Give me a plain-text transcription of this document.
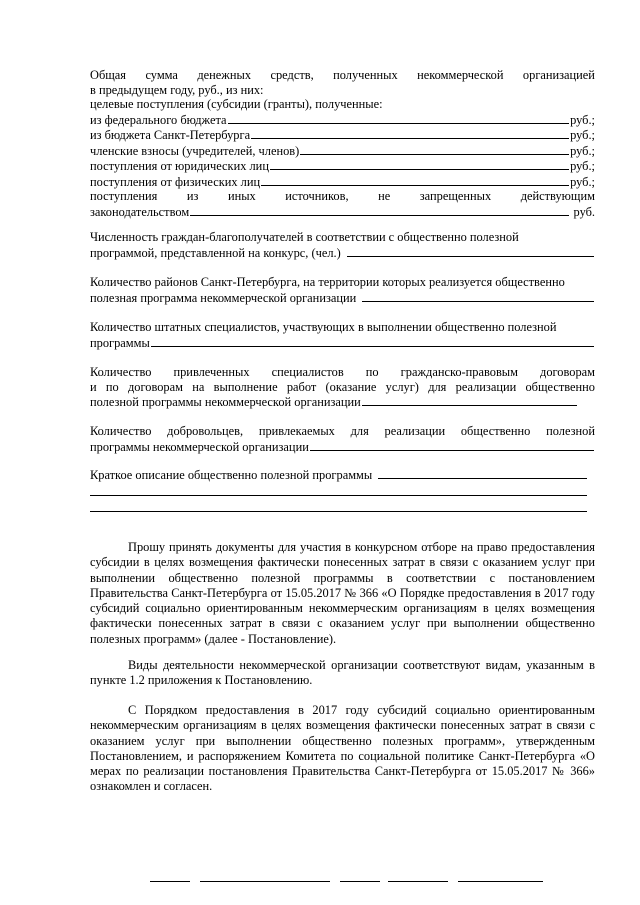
Общая сумма денежных средств, полученных некоммерческой организацией
в предыдущем году, руб., из них:
целевые поступления (субсидии (гранты), полученные:
из федерального бюджета	руб.;
из бюджета Санкт-Петербурга	руб.;
членские взносы (учредителей, членов)	руб.;
поступления от юридических лиц	руб.;
поступления от физических лиц	руб.;
поступления из иных источников, не запрещенных действующим
законодательством	руб.
Численность граждан-благополучателей в соответствии с общественно полезной
программой, представленной на конкурс, (чел.)
Количество районов Санкт-Петербурга, на территории которых реализуется общественно
полезная программа некоммерческой организации
Количество штатных специалистов, участвующих в выполнении общественно полезной
программы
Количество привлеченных специалистов по гражданско-правовым договорам
и по договорам на выполнение работ (оказание услуг) для реализации общественно
полезной программы некоммерческой организации
Количество добровольцев, привлекаемых для реализации общественно полезной
программы некоммерческой организации
Краткое описание общественно полезной программы
Прошу принять документы для участия в конкурсном отборе на право предоставления субсидии в целях возмещения фактически понесенных затрат в связи с оказанием услуг при выполнении общественно полезной программы в соответствии с постановлением Правительства Санкт-Петербурга от 15.05.2017 № 366 «О Порядке предоставления в 2017 году субсидий социально ориентированным некоммерческим организациям в целях возмещения фактически понесенных затрат в связи с оказанием услуг при выполнении общественно полезных программ» (далее - Постановление).
Виды деятельности некоммерческой организации соответствуют видам, указанным в пункте 1.2 приложения к Постановлению.
С Порядком предоставления в 2017 году субсидий социально ориентированным некоммерческим организациям в целях возмещения фактически понесенных затрат в связи с оказанием услуг при выполнении общественно полезных программ», утвержденным Постановлением, и распоряжением Комитета по социальной политике Санкт-Петербурга «О мерах по реализации постановления Правительства Санкт-Петербурга от 15.05.2017 № 366» ознакомлен и согласен.
